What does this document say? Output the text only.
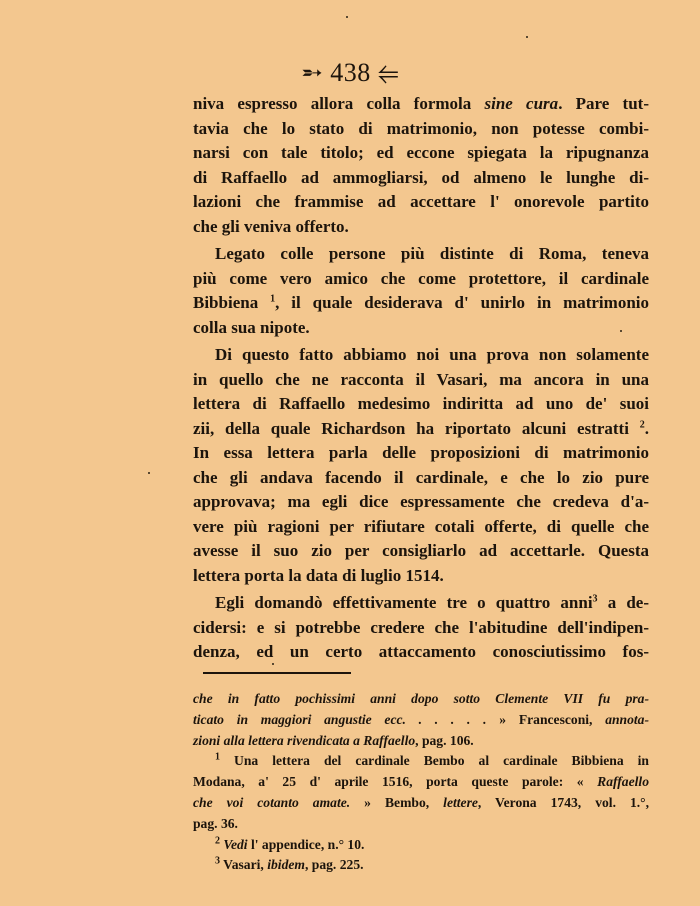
➵ 438 ⥢
niva espresso allora colla formola sine cura. Pare tut-
tavia che lo stato di matrimonio, non potesse combi-
narsi con tale titolo; ed eccone spiegata la ripugnanza
di Raffaello ad ammogliarsi, od almeno le lunghe di-
lazioni che frammise ad accettare l' onorevole partito
che gli veniva offerto.
Legato colle persone più distinte di Roma, teneva
più come vero amico che come protettore, il cardinale
Bibbiena $^1$, il quale desiderava d' unirlo in matrimonio
colla sua nipote.
Di questo fatto abbiamo noi una prova non solamente
in quello che ne racconta il Vasari, ma ancora in una
lettera di Raffaello medesimo indiritta ad uno de' suoi
zii, della quale Richardson ha riportato alcuni estratti $^2$.
In essa lettera parla delle proposizioni di matrimonio
che gli andava facendo il cardinale, e che lo zio pure
approvava; ma egli dice espressamente che credeva d'a-
vere più ragioni per rifiutare cotali offerte, di quelle che
avesse il suo zio per consigliarlo ad accettarle. Questa
lettera porta la data di luglio 1514.
Egli domandò effettivamente tre o quattro anni$^3$ a de-
cidersi: e si potrebbe credere che l'abitudine dell'indipen-
denza, ed un certo attaccamento conosciutissimo fos-
che in fatto pochissimi anni dopo sotto Clemente VII fu pra-
ticato in maggiori angustie ecc. . . . . . » Francesconi, annota-
zioni alla lettera rivendicata a Raffaello, pag. 106.
$^1$ Una lettera del cardinale Bembo al cardinale Bibbiena in
Modana, a' 25 d' aprile 1516, porta queste parole: « Raffaello
che voi cotanto amate. » Bembo, lettere, Verona 1743, vol. 1.°,
pag. 36.
$^2$ Vedi l' appendice, n.° 10.
$^3$ Vasari, ibidem, pag. 225.
